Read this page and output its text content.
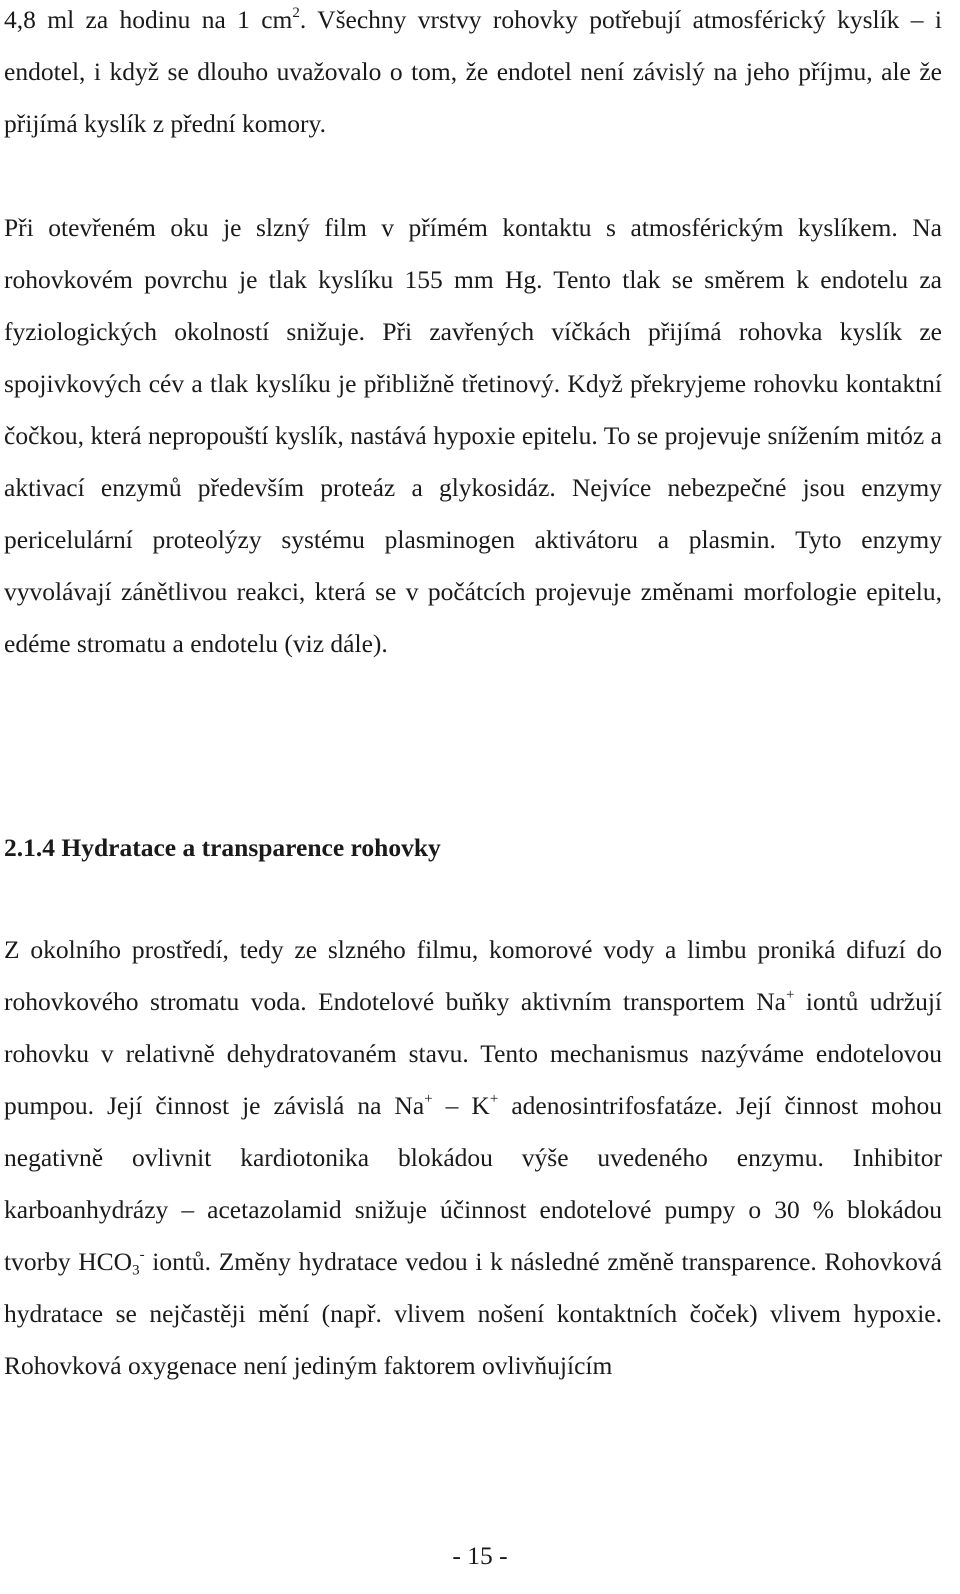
4,8 ml za hodinu na 1 $cm^2$. Všechny vrstvy rohovky potřebují atmosférický kyslík – i endotel, i když se dlouho uvažovalo o tom, že endotel není závislý na jeho příjmu, ale že přijímá kyslík z přední komory.

Při otevřeném oku je slzný film v přímém kontaktu s atmosférickým kyslíkem. Na rohovkovém povrchu je tlak kyslíku 155 mm Hg. Tento tlak se směrem k endotelu za fyziologických okolností snižuje. Při zavřených víčkách přijímá rohovka kyslík ze spojivkových cév a tlak kyslíku je přibližně třetinový. Když překryjeme rohovku kontaktní čočkou, která nepropouští kyslík, nastává hypoxie epitelu. To se projevuje snížením mitóz a aktivací enzymů především proteáz a glykosidáz. Nejvíce nebezpečné jsou enzymy pericelulární proteolýzy systému plasminogen aktivátoru a plasmin. Tyto enzymy vyvolávají zánětlivou reakci, která se v počátcích projevuje změnami morfologie epitelu, edéme stromatu a endotelu (viz dále).

2.1.4 Hydratace a transparence rohovky

Z okolního prostředí, tedy ze slzného filmu, komorové vody a limbu proniká difuzí do rohovkového stromatu voda. Endotelové buňky aktivním transportem Na+ iontů udržují rohovku v relativně dehydratovaném stavu. Tento mechanismus nazýváme endotelovou pumpou. Její činnost je závislá na Na+ – K+ adenosintrifosfatáze. Její činnost mohou negativně ovlivnit kardiotonika blokádou výše uvedeného enzymu. Inhibitor karboanhydrázy – acetazolamid snižuje účinnost endotelové pumpy o 30 % blokádou tvorby $HCO_3^-$ iontů. Změny hydratace vedou i k následné změně transparence. Rohovková hydratace se nejčastěji mění (např. vlivem nošení kontaktních čoček) vlivem hypoxie. Rohovková oxygenace není jediným faktorem ovlivňujícím

- 15 -
